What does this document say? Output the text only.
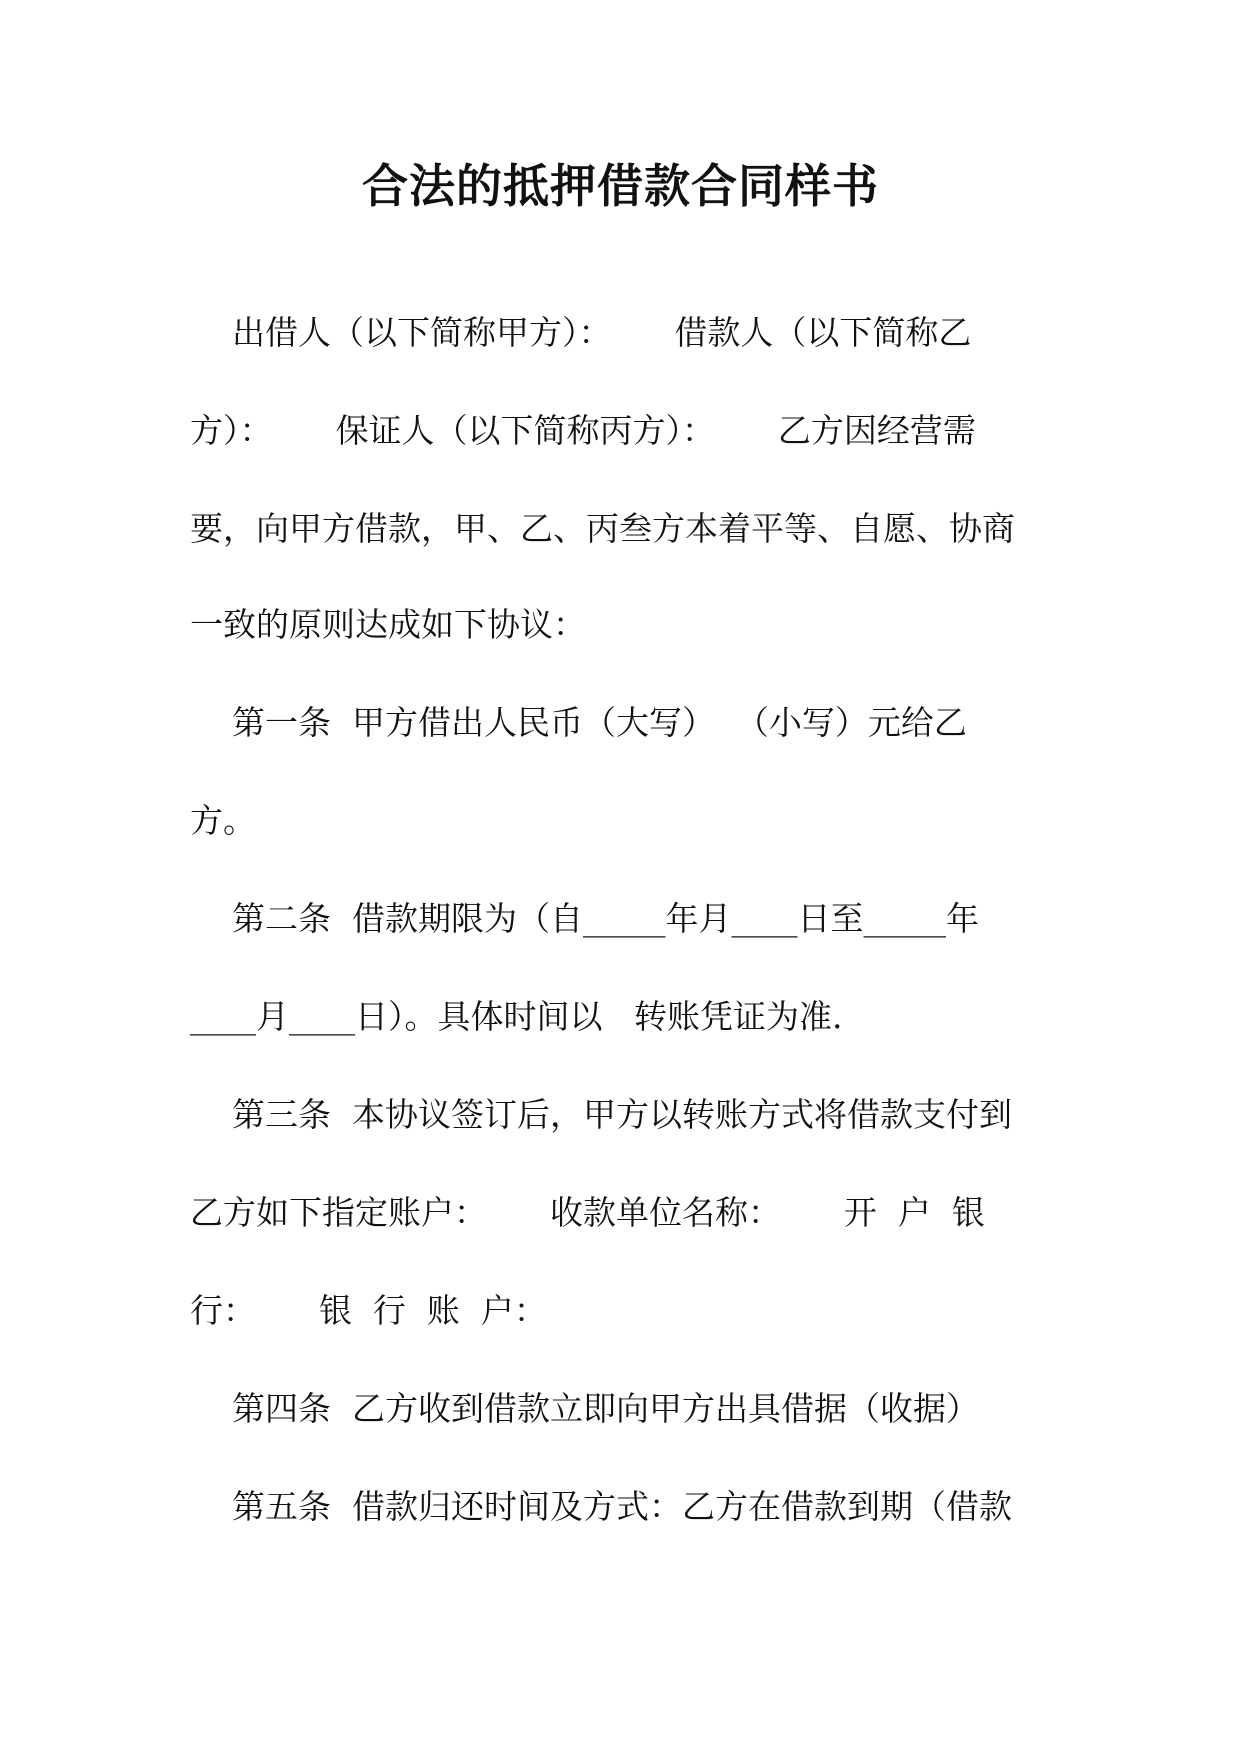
合法的抵押借款合同样书
出借人（以下简称甲方）：      借款人（以下简称乙
方）：      保证人（以下简称丙方）：      乙方因经营需
要，向甲方借款，甲、乙、丙叁方本着平等、自愿、协商
一致的原则达成如下协议：
第一条  甲方借出人民币（大写）  （小写）元给乙
方。
第二条  借款期限为（自_____年月____日至_____年
____月____日）。具体时间以   转账凭证为准.
第三条  本协议签订后，甲方以转账方式将借款支付到
乙方如下指定账户：      收款单位名称：      开  户  银
行：      银  行  账  户：
第四条  乙方收到借款立即向甲方出具借据（收据）
第五条  借款归还时间及方式：乙方在借款到期（借款
